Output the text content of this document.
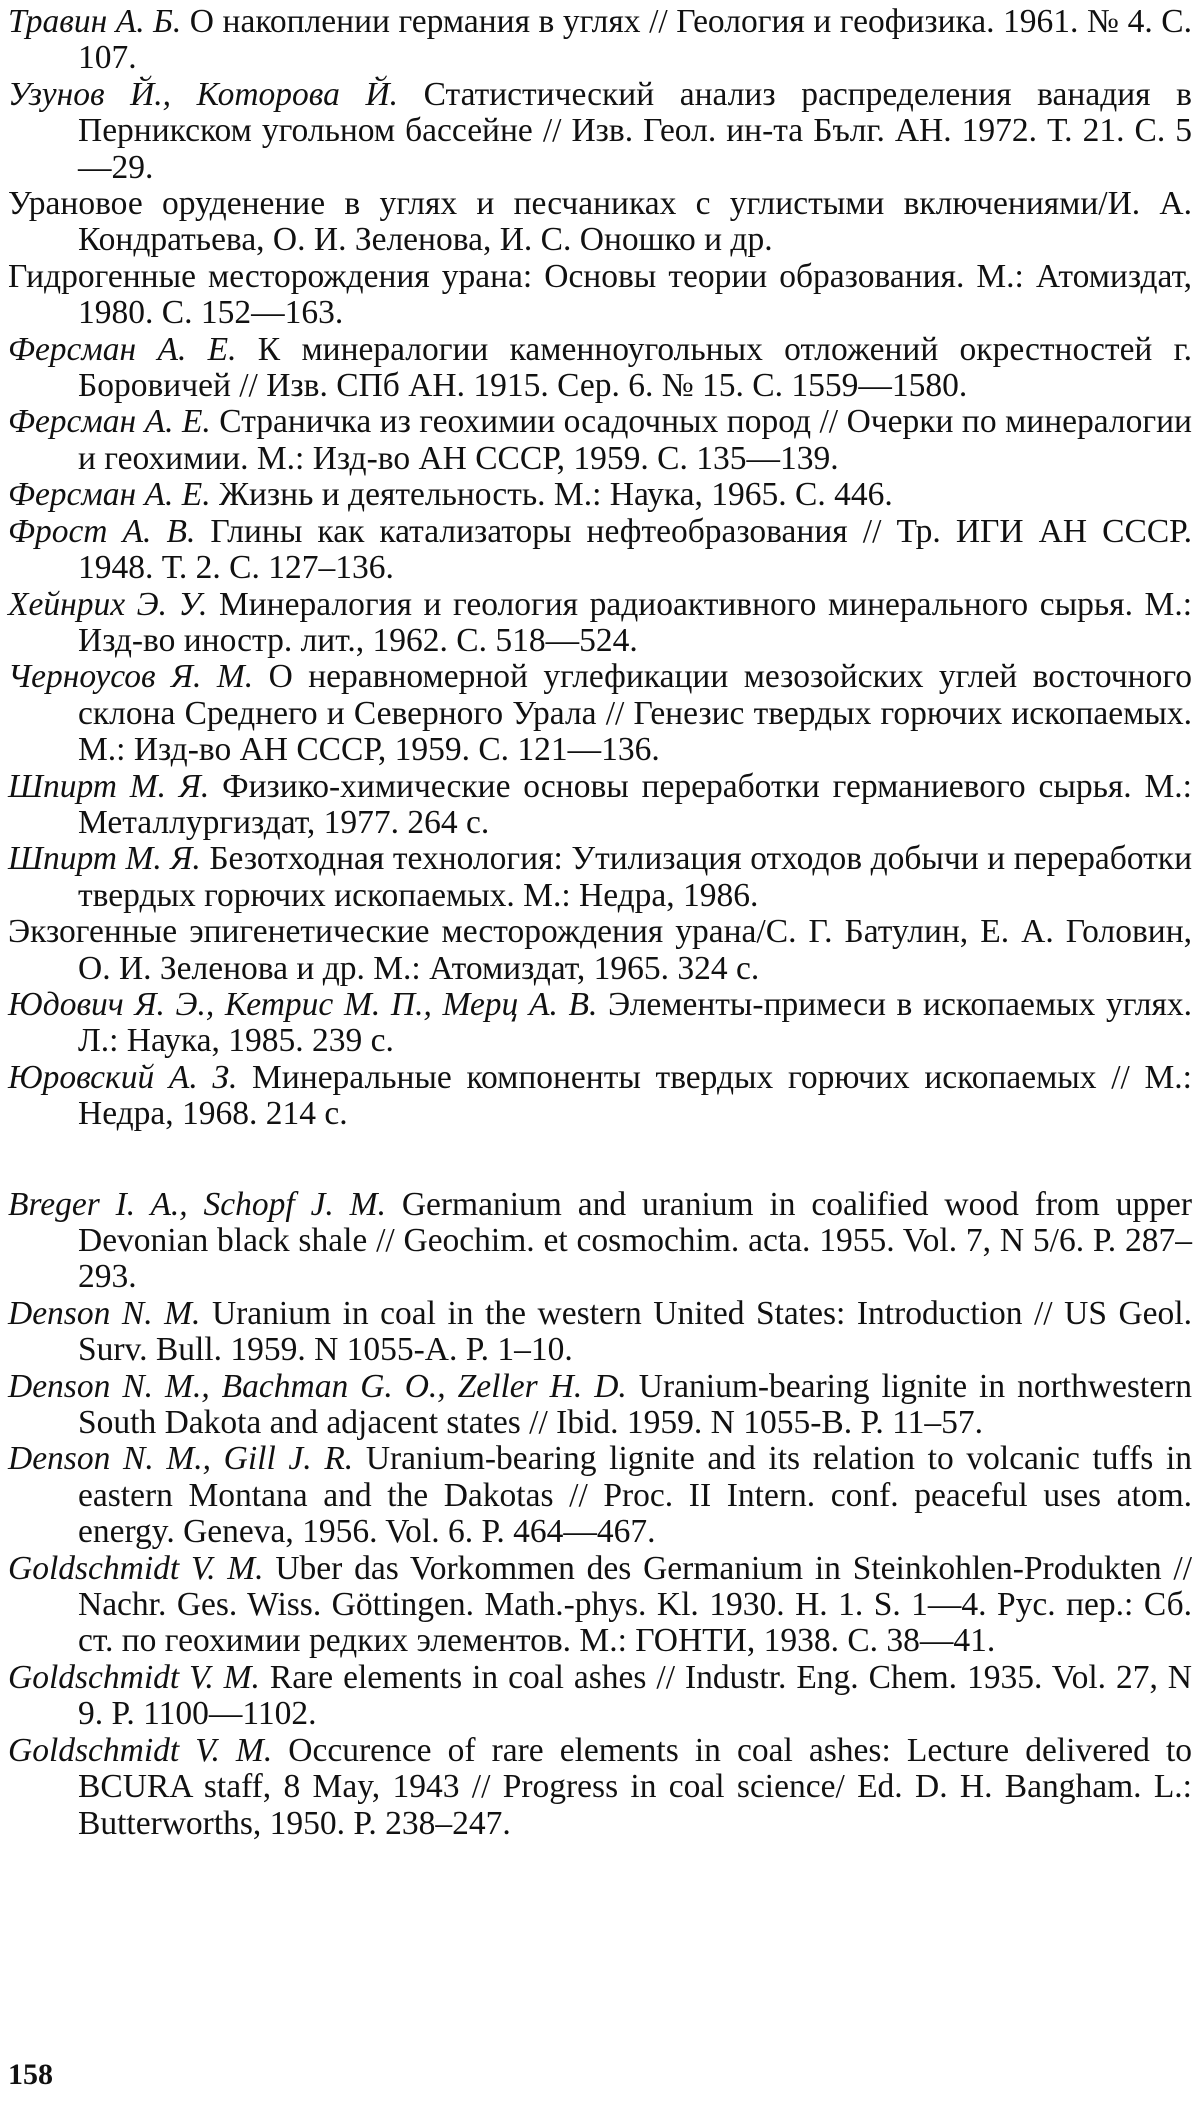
Травин А. Б. О накоплении германия в углях // Геология и геофизика. 1961. № 4. С. 107.

Узунов Й., Которова Й. Статистический анализ распределения ванадия в Перникском угольном бассейне // Изв. Геол. ин-та Бълг. АН. 1972. Т. 21. С. 5—29.

Урановое оруденение в углях и песчаниках с углистыми включениями/И. А. Кондратьева, О. И. Зеленова, И. С. Оношко и др.

Гидрогенные месторождения урана: Основы теории образования. М.: Атомиздат, 1980. С. 152—163.

Ферсман А. Е. К минералогии каменноугольных отложений окрестностей г. Боровичей // Изв. СПб АН. 1915. Сер. 6. № 15. С. 1559—1580.

Ферсман А. Е. Страничка из геохимии осадочных пород // Очерки по минералогии и геохимии. М.: Изд-во АН СССР, 1959. С. 135—139.

Ферсман А. Е. Жизнь и деятельность. М.: Наука, 1965. С. 446.

Фрост А. В. Глины как катализаторы нефтеобразования // Тр. ИГИ АН СССР. 1948. Т. 2. С. 127–136.

Хейнрих Э. У. Минералогия и геология радиоактивного минерального сырья. М.: Изд-во иностр. лит., 1962. С. 518—524.

Черноусов Я. М. О неравномерной углефикации мезозойских углей восточного склона Среднего и Северного Урала // Генезис твердых горючих ископаемых. М.: Изд-во АН СССР, 1959. С. 121—136.

Шпирт М. Я. Физико-химические основы переработки германиевого сырья. М.: Металлургиздат, 1977. 264 с.

Шпирт М. Я. Безотходная технология: Утилизация отходов добычи и переработки твердых горючих ископаемых. М.: Недра, 1986.

Экзогенные эпигенетические месторождения урана/С. Г. Батулин, Е. А. Головин, О. И. Зеленова и др. М.: Атомиздат, 1965. 324 с.

Юдович Я. Э., Кетрис М. П., Мерц А. В. Элементы-примеси в ископаемых углях. Л.: Наука, 1985. 239 с.

Юровский А. З. Минеральные компоненты твердых горючих ископаемых // М.: Недра, 1968. 214 с.

Breger I. A., Schopf J. M. Germanium and uranium in coalified wood from upper Devonian black shale // Geochim. et cosmochim. acta. 1955. Vol. 7, N 5/6. P. 287–293.

Denson N. M. Uranium in coal in the western United States: Introduction // US Geol. Surv. Bull. 1959. N 1055-A. P. 1–10.

Denson N. M., Bachman G. O., Zeller H. D. Uranium-bearing lignite in northwestern South Dakota and adjacent states // Ibid. 1959. N 1055-B. P. 11–57.

Denson N. M., Gill J. R. Uranium-bearing lignite and its relation to volcanic tuffs in eastern Montana and the Dakotas // Proc. II Intern. conf. peaceful uses atom. energy. Geneva, 1956. Vol. 6. P. 464—467.

Goldschmidt V. M. Uber das Vorkommen des Germanium in Steinkohlen-Produkten // Nachr. Ges. Wiss. Göttingen. Math.-phys. Kl. 1930. H. 1. S. 1—4. Рус. пер.: Сб. ст. по геохимии редких элементов. М.: ГОНТИ, 1938. С. 38—41.

Goldschmidt V. M. Rare elements in coal ashes // Industr. Eng. Chem. 1935. Vol. 27, N 9. P. 1100—1102.

Goldschmidt V. M. Occurence of rare elements in coal ashes: Lecture delivered to BCURA staff, 8 May, 1943 // Progress in coal science/ Ed. D. H. Bangham. L.: Butterworths, 1950. P. 238–247.

158
